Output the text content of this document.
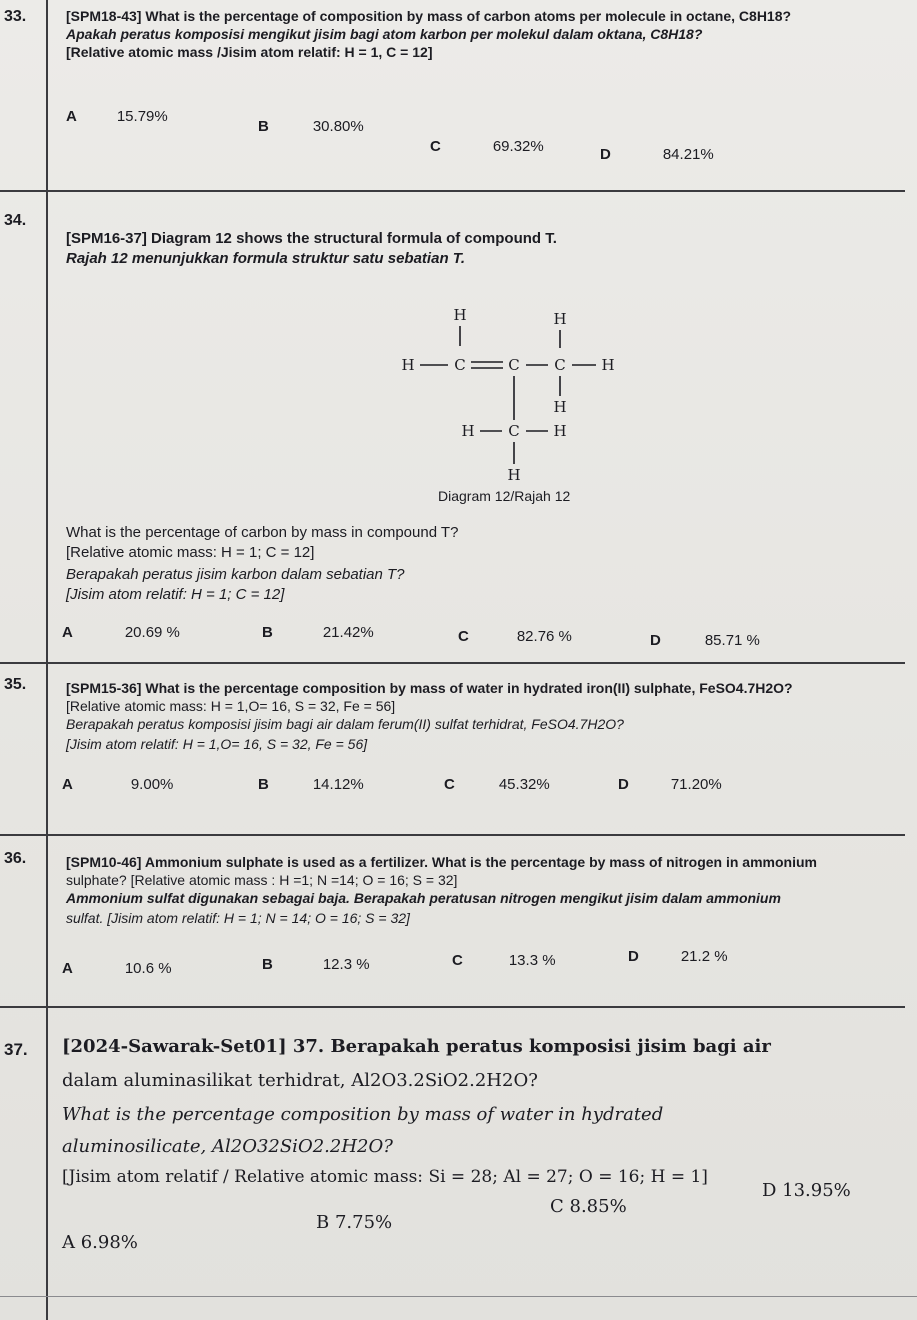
33.	[SPM18-43] What is the percentage of composition by mass of carbon atoms per molecule in octane, C8H18?
Apakah peratus komposisi mengikut jisim bagi atom karbon per molekul dalam oktana, C8H18?
[Relative atomic mass /Jisim atom relatif: H = 1, C = 12]
A	15.79%
B	30.80%
C	69.32%	D	84.21%
34.
[SPM16-37] Diagram 12 shows the structural formula of compound T.
Rajah 12 menunjukkan formula struktur satu sebatian T.
H	H
H	C	C C H
H
H C H
H
Diagram 12/Rajah 12
What is the percentage of carbon by mass in compound T?
[Relative atomic mass: H = 1; C = 12]
Berapakah peratus jisim karbon dalam sebatian T?
[Jisim atom relatif: H = 1; C = 12]
A	20.69 %	B	21.42%	C	82.76 %	D	85.71 %
35.	[SPM15-36] What is the percentage composition by mass of water in hydrated iron(II) sulphate, FeSO4.7H2O?
[Relative atomic mass: H = 1,O= 16, S = 32, Fe = 56]
Berapakah peratus komposisi jisim bagi air dalam ferum(II) sulfat terhidrat, FeSO4.7H2O?
[Jisim atom relatif: H = 1,O= 16, S = 32, Fe = 56]
A	9.00%	B	14.12%	C	45.32%	D	71.20%
36.	[SPM10-46] Ammonium sulphate is used as a fertilizer. What is the percentage by mass of nitrogen in ammonium
sulphate? [Relative atomic mass : H =1; N =14; O = 16; S = 32]
Ammonium sulfat digunakan sebagai baja. Berapakah peratusan nitrogen mengikut jisim dalam ammonium
sulfat. [Jisim atom relatif: H = 1; N = 14; O = 16; S = 32]
A	10.6 %	B	12.3 %	C	13.3 %	D	21.2 %
37. [2024-Sawarak-Set01] 37. Berapakah peratus komposisi jisim bagi air
dalam aluminasilikat terhidrat, Al2O3.2SiO2.2H2O?
What is the percentage composition by mass of water in hydrated
aluminosilicate, Al2O32SiO2.2H2O?
[Jisim atom relatif / Relative atomic mass: Si = 28; Al = 27; O = 16; H = 1]
A 6.98%
B 7.75%
C 8.85%
D 13.95%
